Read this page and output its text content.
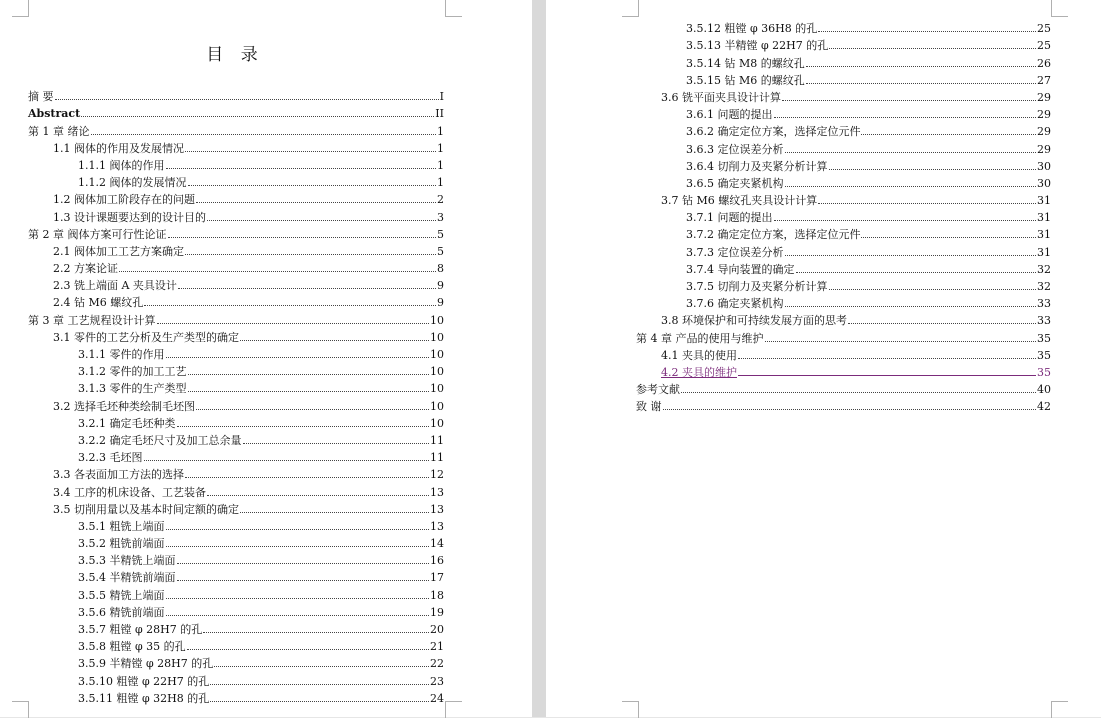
目 录
摘 要	I
Abstract	II
第 1 章 绪论	1
1.1 阀体的作用及发展情况	1
1.1.1 阀体的作用	1
1.1.2 阀体的发展情况	1
1.2 阀体加工阶段存在的问题	2
1.3 设计课题要达到的设计目的	3
第 2 章 阀体方案可行性论证	5
2.1 阀体加工工艺方案确定	5
2.2 方案论证	8
2.3 铣上端面 A 夹具设计	9
2.4 钻 M6 螺纹孔	9
第 3 章 工艺规程设计计算	10
3.1 零件的工艺分析及生产类型的确定	10
3.1.1 零件的作用	10
3.1.2 零件的加工工艺	10
3.1.3 零件的生产类型	10
3.2 选择毛坯种类绘制毛坯图	10
3.2.1 确定毛坯种类	10
3.2.2 确定毛坯尺寸及加工总余量	11
3.2.3 毛坯图	11
3.3 各表面加工方法的选择	12
3.4 工序的机床设备、工艺装备	13
3.5 切削用量以及基本时间定额的确定	13
3.5.1 粗铣上端面	13
3.5.2 粗铣前端面	14
3.5.3 半精铣上端面	16
3.5.4 半精铣前端面	17
3.5.5 精铣上端面	18
3.5.6 精铣前端面	19
3.5.7 粗镗 φ 28H7 的孔	20
3.5.8 粗镗 φ 35 的孔	21
3.5.9 半精镗 φ 28H7 的孔	22
3.5.10 粗镗 φ 22H7 的孔	23
3.5.11 粗镗 φ 32H8 的孔	24
3.5.12 粗镗 φ 36H8 的孔	25
3.5.13 半精镗 φ 22H7 的孔	25
3.5.14 钻 M8 的螺纹孔	26
3.5.15 钻 M6 的螺纹孔	27
3.6 铣平面夹具设计计算	29
3.6.1 问题的提出	29
3.6.2 确定定位方案，选择定位元件	29
3.6.3 定位误差分析	29
3.6.4 切削力及夹紧分析计算	30
3.6.5 确定夹紧机构	30
3.7 钻 M6 螺纹孔夹具设计计算	31
3.7.1 问题的提出	31
3.7.2 确定定位方案，选择定位元件	31
3.7.3 定位误差分析	31
3.7.4 导向装置的确定	32
3.7.5 切削力及夹紧分析计算	32
3.7.6 确定夹紧机构	33
3.8 环境保护和可持续发展方面的思考	33
第 4 章 产品的使用与维护	35
4.1 夹具的使用	35
4.2 夹具的维护	35
参考文献	40
致 谢	42
